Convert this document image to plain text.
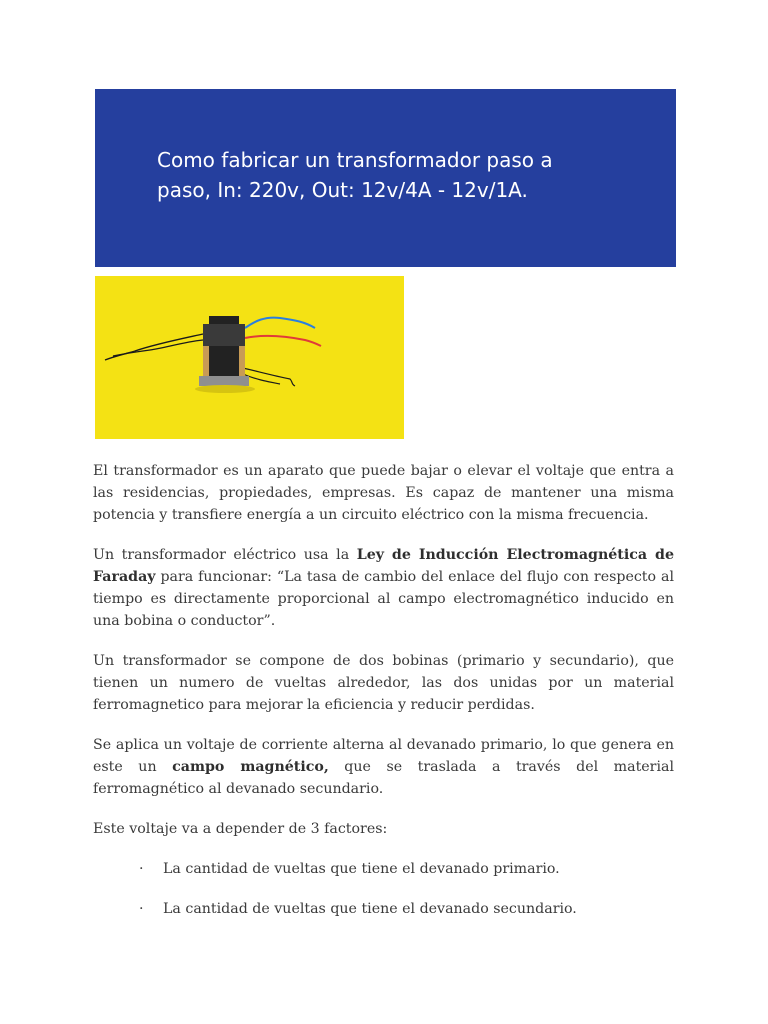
Como fabricar un transformador paso a paso, In: 220v, Out: 12v/4A - 12v/1A.

El transformador es un aparato que puede bajar o elevar el voltaje que entra a las residencias, propiedades, empresas. Es capaz de mantener una misma potencia y transfiere energía a un circuito eléctrico con la misma frecuencia.

Un transformador eléctrico usa la Ley de Inducción Electromagnética de Faraday para funcionar: “La tasa de cambio del enlace del flujo con respecto al tiempo es directamente proporcional al campo electromagnético inducido en una bobina o conductor”.

Un transformador se compone de dos bobinas (primario y secundario), que tienen un numero de vueltas alrededor, las dos unidas por un material ferromagnetico para mejorar la eficiencia y reducir perdidas.

Se aplica un voltaje de corriente alterna al devanado primario, lo que genera en este un campo magnético, que se traslada a través del material ferromagnético al devanado secundario.

Este voltaje va a depender de 3 factores:

· La cantidad de vueltas que tiene el devanado primario.
· La cantidad de vueltas que tiene el devanado secundario.
